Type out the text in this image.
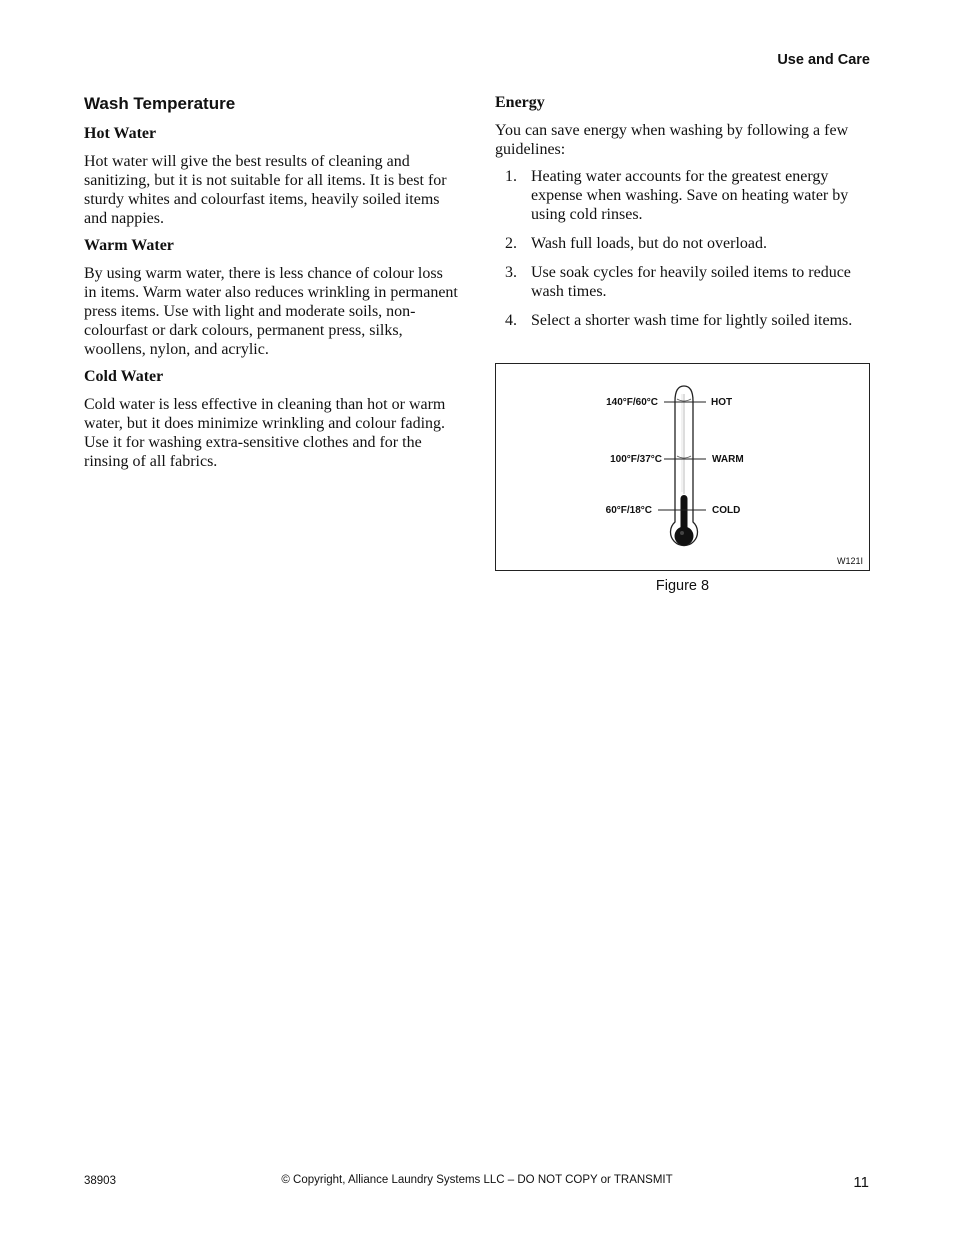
Use and Care

Wash Temperature
Hot Water

Hot water will give the best results of cleaning and sanitizing, but it is not suitable for all items. It is best for sturdy whites and colourfast items, heavily soiled items and nappies.

Warm Water

By using warm water, there is less chance of colour loss in items. Warm water also reduces wrinkling in permanent press items. Use with light and moderate soils, non-colourfast or dark colours, permanent press, silks, woollens, nylon, and acrylic.

Cold Water

Cold water is less effective in cleaning than hot or warm water, but it does minimize wrinkling and colour fading. Use it for washing extra-sensitive clothes and for the rinsing of all fabrics.

Energy

You can save energy when washing by following a few guidelines:

1. Heating water accounts for the greatest energy expense when washing. Save on heating water by using cold rinses.
2. Wash full loads, but do not overload.
3. Use soak cycles for heavily soiled items to reduce wash times.
4. Select a shorter wash time for lightly soiled items.
140°F/60°C	HOT
100°F/37°C	WARM
60°F/18°C	COLD
W121I

Figure 8

38903	© Copyright, Alliance Laundry Systems LLC – DO NOT COPY or TRANSMIT	11
